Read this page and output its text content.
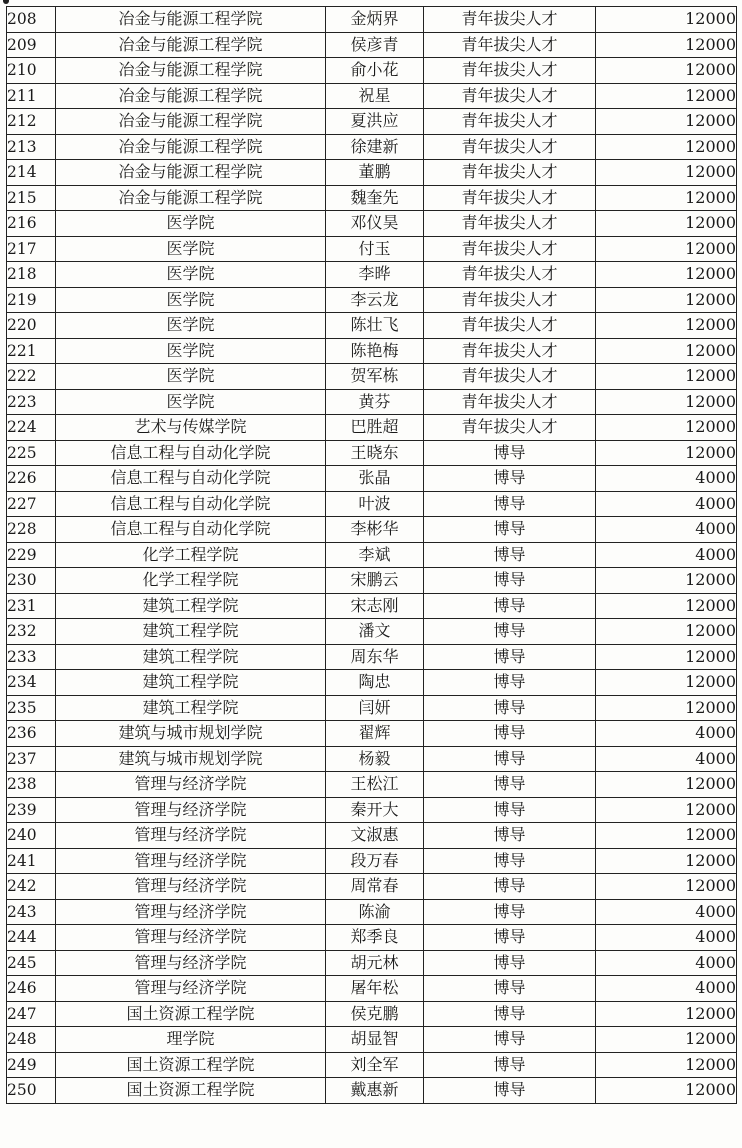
208	冶金与能源工程学院	金炳界	青年拔尖人才	12000
209	冶金与能源工程学院	侯彦青	青年拔尖人才	12000
210	冶金与能源工程学院	俞小花	青年拔尖人才	12000
211	冶金与能源工程学院	祝星	青年拔尖人才	12000
212	冶金与能源工程学院	夏洪应	青年拔尖人才	12000
213	冶金与能源工程学院	徐建新	青年拔尖人才	12000
214	冶金与能源工程学院	董鹏	青年拔尖人才	12000
215	冶金与能源工程学院	魏奎先	青年拔尖人才	12000
216	医学院	邓仪昊	青年拔尖人才	12000
217	医学院	付玉	青年拔尖人才	12000
218	医学院	李晔	青年拔尖人才	12000
219	医学院	李云龙	青年拔尖人才	12000
220	医学院	陈壮飞	青年拔尖人才	12000
221	医学院	陈艳梅	青年拔尖人才	12000
222	医学院	贺军栋	青年拔尖人才	12000
223	医学院	黄芬	青年拔尖人才	12000
224	艺术与传媒学院	巴胜超	青年拔尖人才	12000
225	信息工程与自动化学院	王晓东	博导	12000
226	信息工程与自动化学院	张晶	博导	4000
227	信息工程与自动化学院	叶波	博导	4000
228	信息工程与自动化学院	李彬华	博导	4000
229	化学工程学院	李斌	博导	4000
230	化学工程学院	宋鹏云	博导	12000
231	建筑工程学院	宋志刚	博导	12000
232	建筑工程学院	潘文	博导	12000
233	建筑工程学院	周东华	博导	12000
234	建筑工程学院	陶忠	博导	12000
235	建筑工程学院	闫妍	博导	12000
236	建筑与城市规划学院	翟辉	博导	4000
237	建筑与城市规划学院	杨毅	博导	4000
238	管理与经济学院	王松江	博导	12000
239	管理与经济学院	秦开大	博导	12000
240	管理与经济学院	文淑惠	博导	12000
241	管理与经济学院	段万春	博导	12000
242	管理与经济学院	周常春	博导	12000
243	管理与经济学院	陈渝	博导	4000
244	管理与经济学院	郑季良	博导	4000
245	管理与经济学院	胡元林	博导	4000
246	管理与经济学院	屠年松	博导	4000
247	国土资源工程学院	侯克鹏	博导	12000
248	理学院	胡显智	博导	12000
249	国土资源工程学院	刘全军	博导	12000
250	国土资源工程学院	戴惠新	博导	12000
